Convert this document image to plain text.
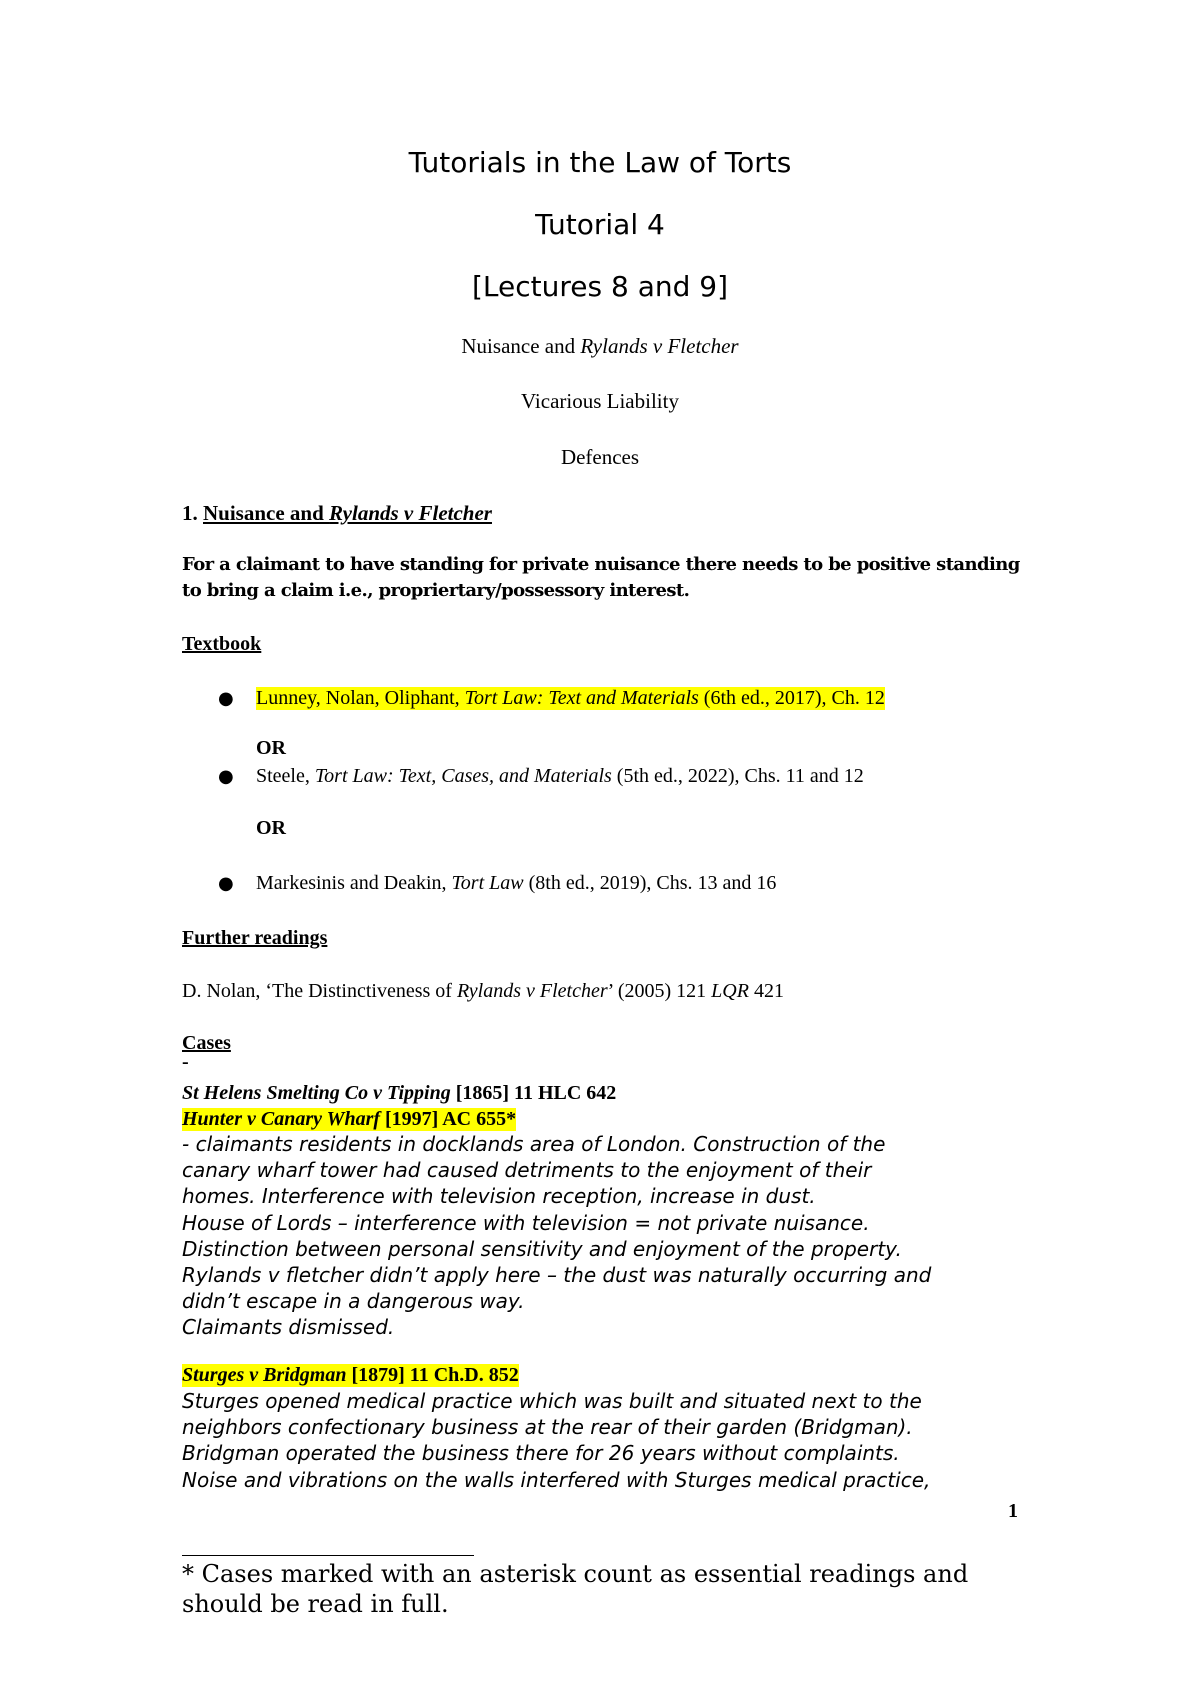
Tutorials in the Law of Torts
Tutorial 4
[Lectures 8 and 9]
Nuisance and Rylands v Fletcher
Vicarious Liability
Defences
1. Nuisance and Rylands v Fletcher
For a claimant to have standing for private nuisance there needs to be positive standing
to bring a claim i.e., propriertary/possessory interest.
Textbook
● Lunney, Nolan, Oliphant, Tort Law: Text and Materials (6th ed., 2017), Ch. 12
OR
● Steele, Tort Law: Text, Cases, and Materials (5th ed., 2022), Chs. 11 and 12
OR
● Markesinis and Deakin, Tort Law (8th ed., 2019), Chs. 13 and 16
Further readings
D. Nolan, ‘The Distinctiveness of Rylands v Fletcher’ (2005) 121 LQR 421
Cases
-
St Helens Smelting Co v Tipping [1865] 11 HLC 642
Hunter v Canary Wharf [1997] AC 655*
- claimants residents in docklands area of London. Construction of the
canary wharf tower had caused detriments to the enjoyment of their
homes. Interference with television reception, increase in dust.
House of Lords – interference with television = not private nuisance.
Distinction between personal sensitivity and enjoyment of the property.
Rylands v fletcher didn’t apply here – the dust was naturally occurring and
didn’t escape in a dangerous way.
Claimants dismissed.
Sturges v Bridgman [1879] 11 Ch.D. 852
Sturges opened medical practice which was built and situated next to the
neighbors confectionary business at the rear of their garden (Bridgman).
Bridgman operated the business there for 26 years without complaints.
Noise and vibrations on the walls interfered with Sturges medical practice,
1
* Cases marked with an asterisk count as essential readings and
should be read in full.
